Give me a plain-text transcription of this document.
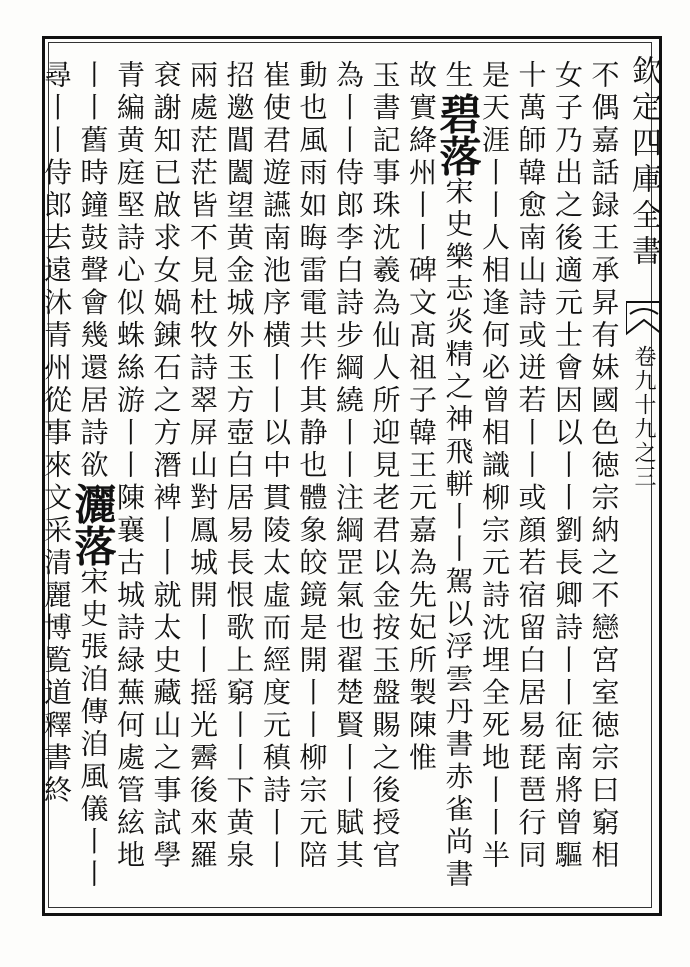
欽定四庫全書
卷九十九之三
不偶嘉話録王承昇有妹國色徳宗納之不戀宮室徳宗曰窮相
女子乃出之後適元士會因以丨丨劉長卿詩丨丨征南將曾驅
十萬師韓愈南山詩或迸若丨丨或顔若宿留白居易琵琶行同
是天涯丨丨人相逢何必曾相識柳宗元詩沈埋全死地丨丨半
生碧落宋史樂志炎精之神飛軿丨丨駕以浮雲丹書赤雀尚書
故實絳州丨丨碑文髙祖子韓王元嘉為先妃所製陳惟
玉書記事珠沈羲為仙人所迎見老君以金按玉盤賜之後授官
為丨丨侍郎李白詩步綱繞丨丨注綱罡氣也翟楚賢丨丨賦其
動也風雨如晦雷電共作其静也體象皎鏡是開丨丨柳宗元陪
崔使君遊讌南池序横丨丨以中貫陵太虛而經度元稹詩丨丨
招邀閶闔望黄金城外玉方壺白居易長恨歌上窮丨丨下黄泉
兩處茫茫皆不見杜牧詩翠屏山對鳳城開丨丨摇光霽後來羅
袞謝知已啟求女媧錬石之方潛裨丨丨就太史藏山之事試學
青編黄庭堅詩心似蛛絲游丨丨陳襄古城詩緑蕪何處管絃地
丨丨舊時鐘鼓聲會幾還居詩欲灑落宋史張洎傳洎風儀丨丨
尋丨丨侍郎去遠沐青州從事來文采清麗博覧道釋書終
